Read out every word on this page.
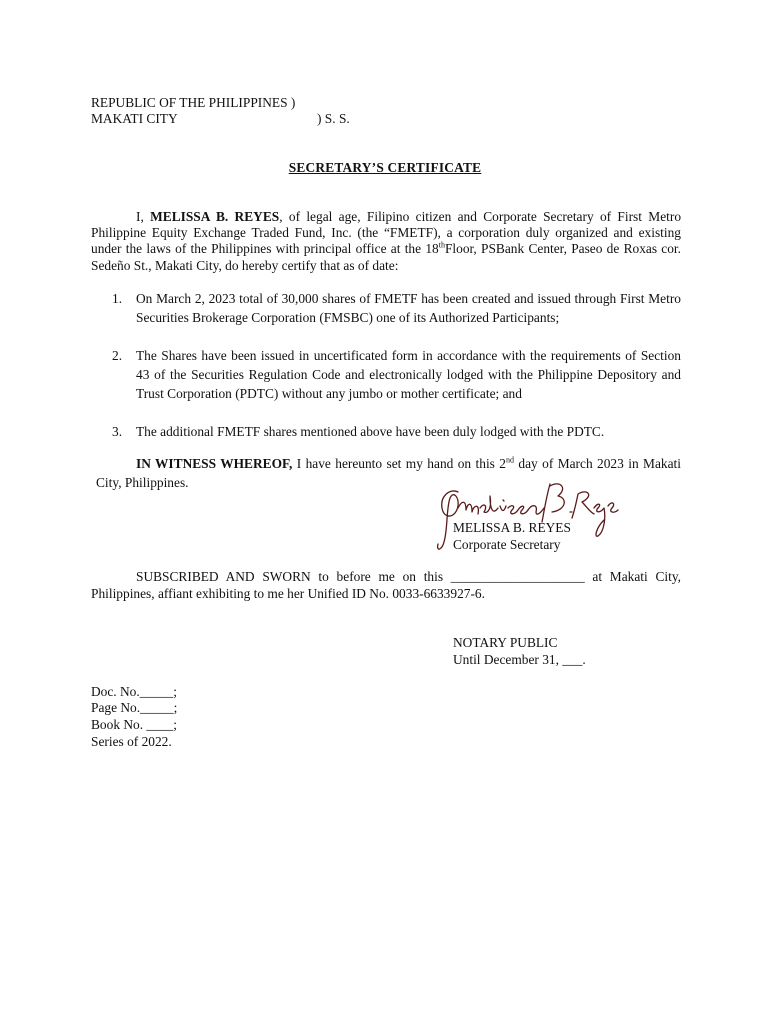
REPUBLIC OF THE PHILIPPINES )
MAKATI CITY	) S. S.
SECRETARY’S CERTIFICATE
I, MELISSA B. REYES, of legal age, Filipino citizen and Corporate Secretary of First Metro Philippine Equity Exchange Traded Fund, Inc. (the “FMETF), a corporation duly organized and existing under the laws of the Philippines with principal office at the 18thFloor, PSBank Center, Paseo de Roxas cor. Sedeño St., Makati City, do hereby certify that as of date:
1. On March 2, 2023 total of 30,000 shares of FMETF has been created and issued through First Metro Securities Brokerage Corporation (FMSBC) one of its Authorized Participants;
2. The Shares have been issued in uncertificated form in accordance with the requirements of Section 43 of the Securities Regulation Code and electronically lodged with the Philippine Depository and Trust Corporation (PDTC) without any jumbo or mother certificate; and
3. The additional FMETF shares mentioned above have been duly lodged with the PDTC.
IN WITNESS WHEREOF, I have hereunto set my hand on this 2nd day of March 2023 in Makati City, Philippines.
MELISSA B. REYES
Corporate Secretary
SUBSCRIBED AND SWORN to before me on this ____________________ at Makati City, Philippines, affiant exhibiting to me her Unified ID No. 0033-6633927-6.
NOTARY PUBLIC
Until December 31, ___.
Doc. No._____;
Page No._____;
Book No. ____;
Series of 2022.
